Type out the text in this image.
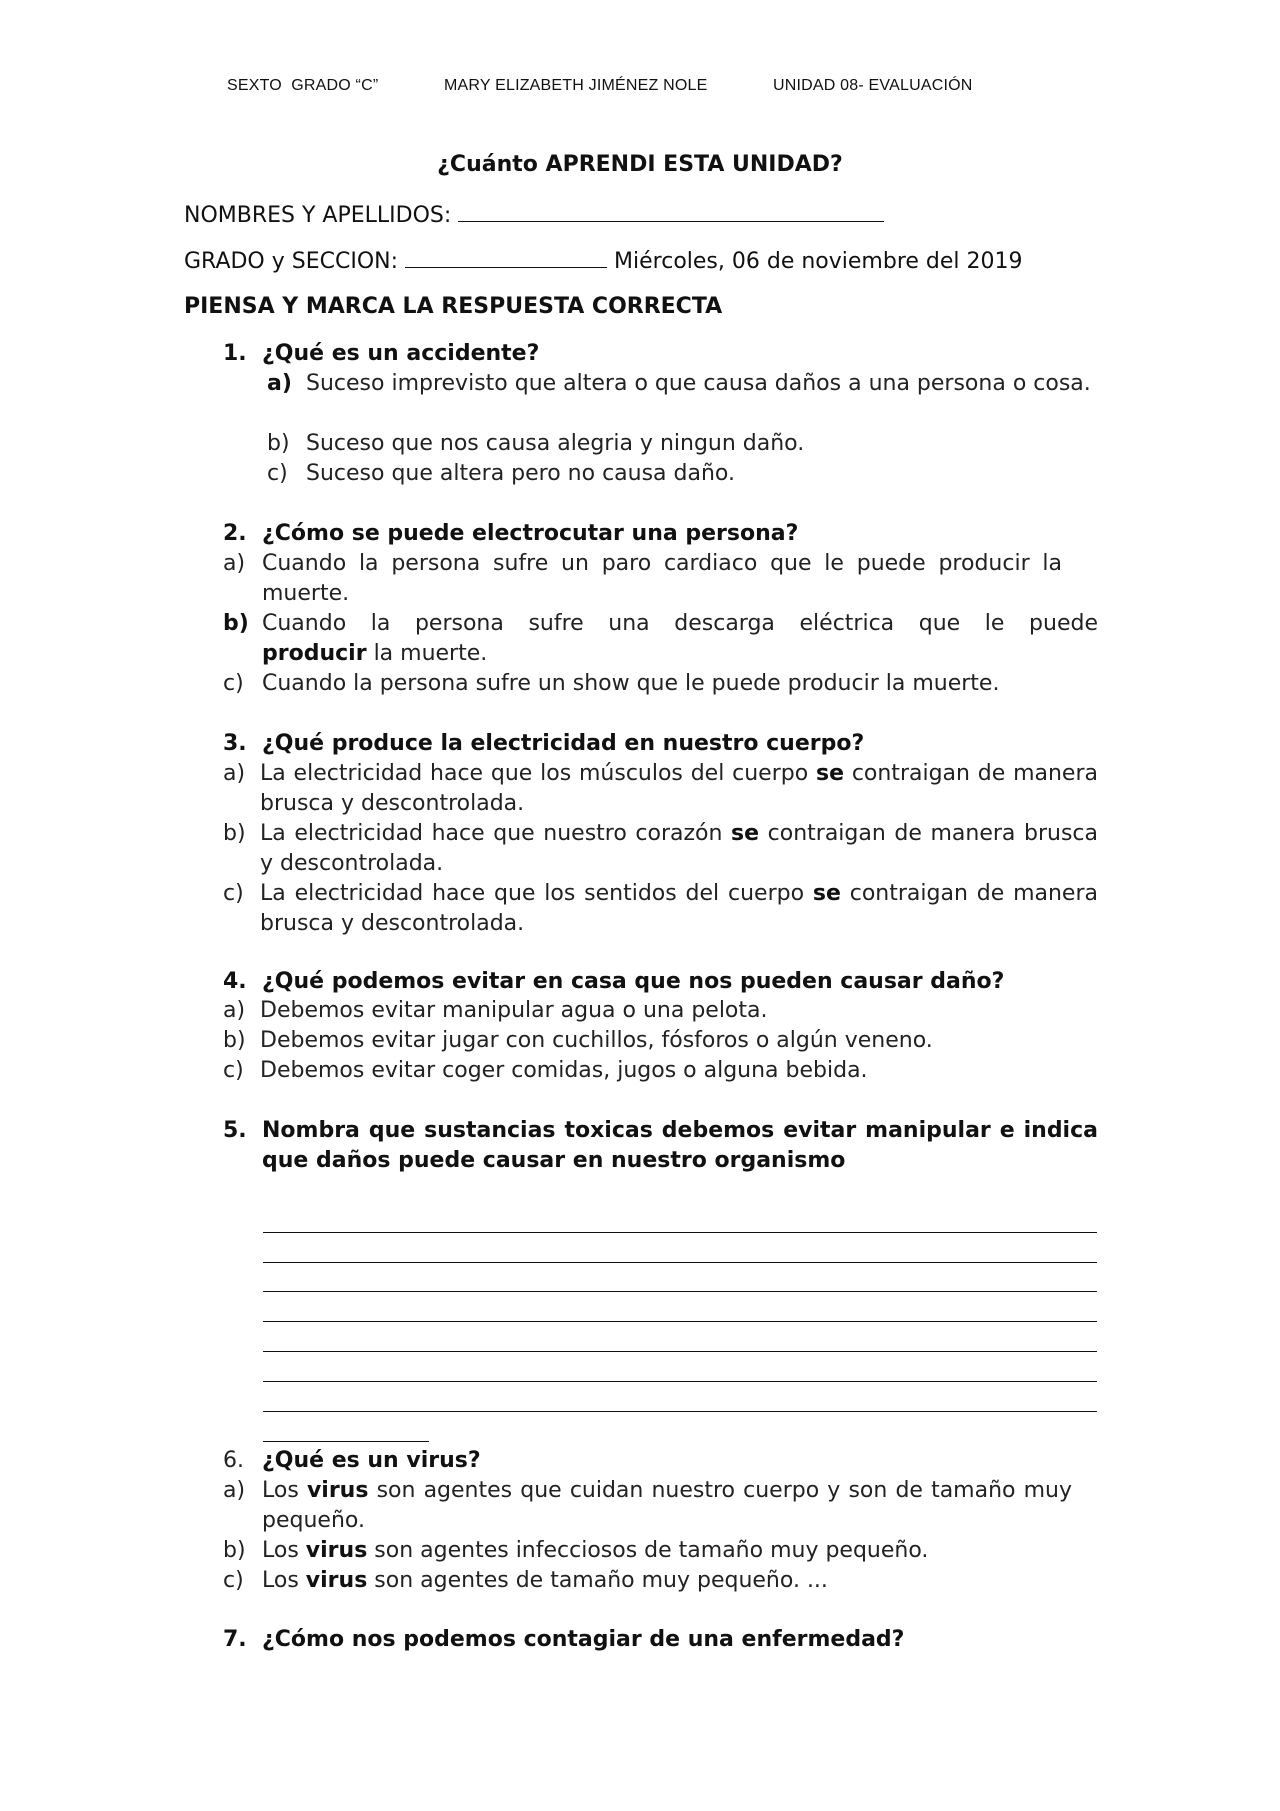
SEXTO  GRADO “C”	MARY ELIZABETH JIMÉNEZ NOLE	UNIDAD 08- EVALUACIÓN
¿Cuánto APRENDI ESTA UNIDAD?
NOMBRES Y APELLIDOS:
GRADO y SECCION:	Miércoles, 06 de noviembre del 2019
PIENSA Y MARCA LA RESPUESTA CORRECTA
1. ¿Qué es un accidente?
a) Suceso imprevisto que altera o que causa daños a una persona o cosa.
b) Suceso que nos causa alegria y ningun daño.
c) Suceso que altera pero no causa daño.
2. ¿Cómo se puede electrocutar una persona?
a) Cuando la persona sufre un paro cardiaco que le puede producir la muerte.
b) Cuando la persona sufre una descarga eléctrica que le puede
producir la muerte.
c) Cuando la persona sufre un show que le puede producir la muerte.
3. ¿Qué produce la electricidad en nuestro cuerpo?
a) La electricidad hace que los músculos del cuerpo se contraigan de manera brusca y descontrolada.
b) La electricidad hace que nuestro corazón se contraigan de manera brusca y descontrolada.
c) La electricidad hace que los sentidos del cuerpo se contraigan de manera brusca y descontrolada.
4. ¿Qué podemos evitar en casa que nos pueden causar daño?
a) Debemos evitar manipular agua o una pelota.
b) Debemos evitar jugar con cuchillos, fósforos o algún veneno.
c) Debemos evitar coger comidas, jugos o alguna bebida.
5. Nombra que sustancias toxicas debemos evitar manipular e indica que daños puede causar en nuestro organismo
6. ¿Qué es un virus?
a) Los virus son agentes que cuidan nuestro cuerpo y son de tamaño muy pequeño.
b) Los virus son agentes infecciosos de tamaño muy pequeño.
c) Los virus son agentes de tamaño muy pequeño. ...
7. ¿Cómo nos podemos contagiar de una enfermedad?
